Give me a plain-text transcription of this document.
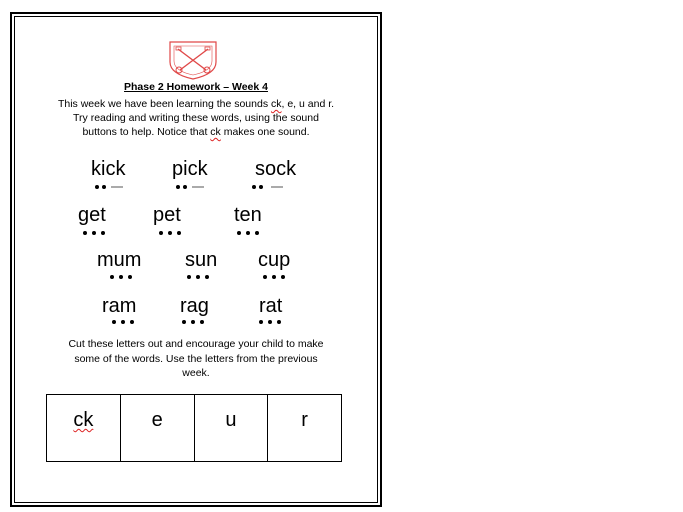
Phase 2 Homework – Week 4
This week we have been learning the sounds ck, e, u and r.
Try reading and writing these words, using the sound
buttons to help. Notice that ck makes one sound.
kick pick sock
get pet	ten
mum sun cup
ram rag	rat
Cut these letters out and encourage your child to make
some of the words. Use the letters from the previous
week.
ck	e	u	r
